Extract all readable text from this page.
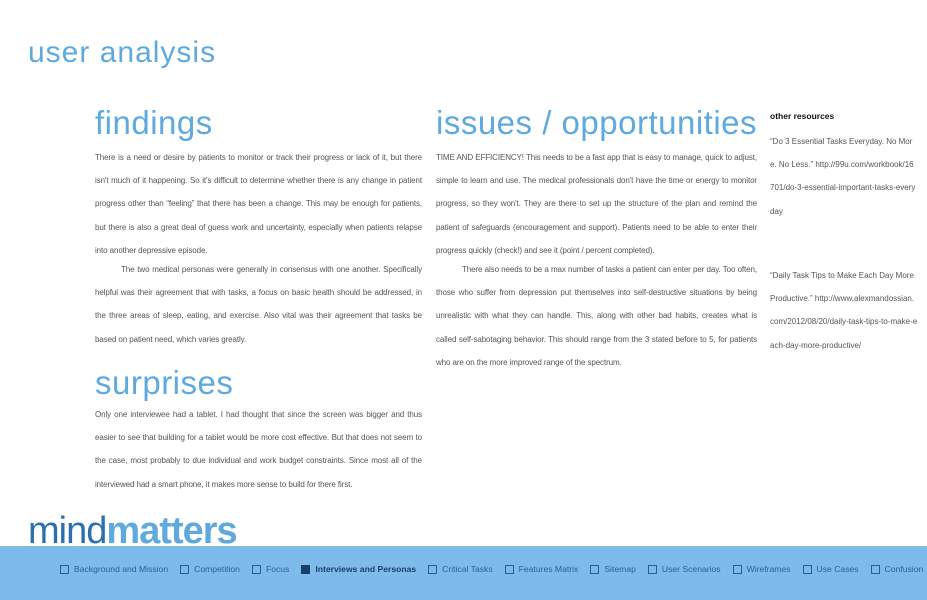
user analysis
findings

There is a need or desire by patients to monitor or track their progress or lack of it, but there isn't much of it happening. So it's difficult to determine whether there is any change in patient progress other than “feeling” that there has been a change. This may be enough for patients, but there is also a great deal of guess work and uncertainty, especially when patients relapse into another depressive episode.

The two medical personas were generally in consensus with one another. Specifically helpful was their agreement that with tasks, a focus on basic health should be addressed, in the three areas of sleep, eating, and exercise. Also vital was their agreement that tasks be based on patient need, which varies greatly.

surprises

Only one interviewee had a tablet. I had thought that since the screen was bigger and thus easier to see that building for a tablet would be more cost effective. But that does not seem to the case, most probably to due individual and work budget constraints. Since most all of the interviewed had a smart phone, it makes more sense to build for there first.

issues / opportunities

TIME AND EFFICIENCY! This needs to be a fast app that is easy to manage, quick to adjust, simple to learn and use. The medical professionals don't have the time or energy to monitor progress, so they won't. They are there to set up the structure of the plan and remind the patient of safeguards (encouragement and support). Patients need to be able to enter their progress quickly (check!) and see it (point / percent completed).

There also needs to be a max number of tasks a patient can enter per day. Too often, those who suffer from depression put themselves into self-destructive situations by being unrealistic with what they can handle. This, along with other bad habits, creates what is called self-sabotaging behavior. This should range from the 3 stated before to 5, for patients who are on the more improved range of the spectrum.

other resources

“Do 3 Essential Tasks Everyday. No More. No Less.” http://99u.com/workbook/16701/do-3-essential-important-tasks-everyday

“Daily Task Tips to Make Each Day More Productive.” http://www.alexmandossian.com/2012/08/20/daily-task-tips-to-make-each-day-more-productive/

mindmatters
Background and Mission	Competition	Focus	Interviews and Personas	Critical Tasks	Features Matrix	Sitemap	User Scenarios	Wireframes	Use Cases	Confusion
